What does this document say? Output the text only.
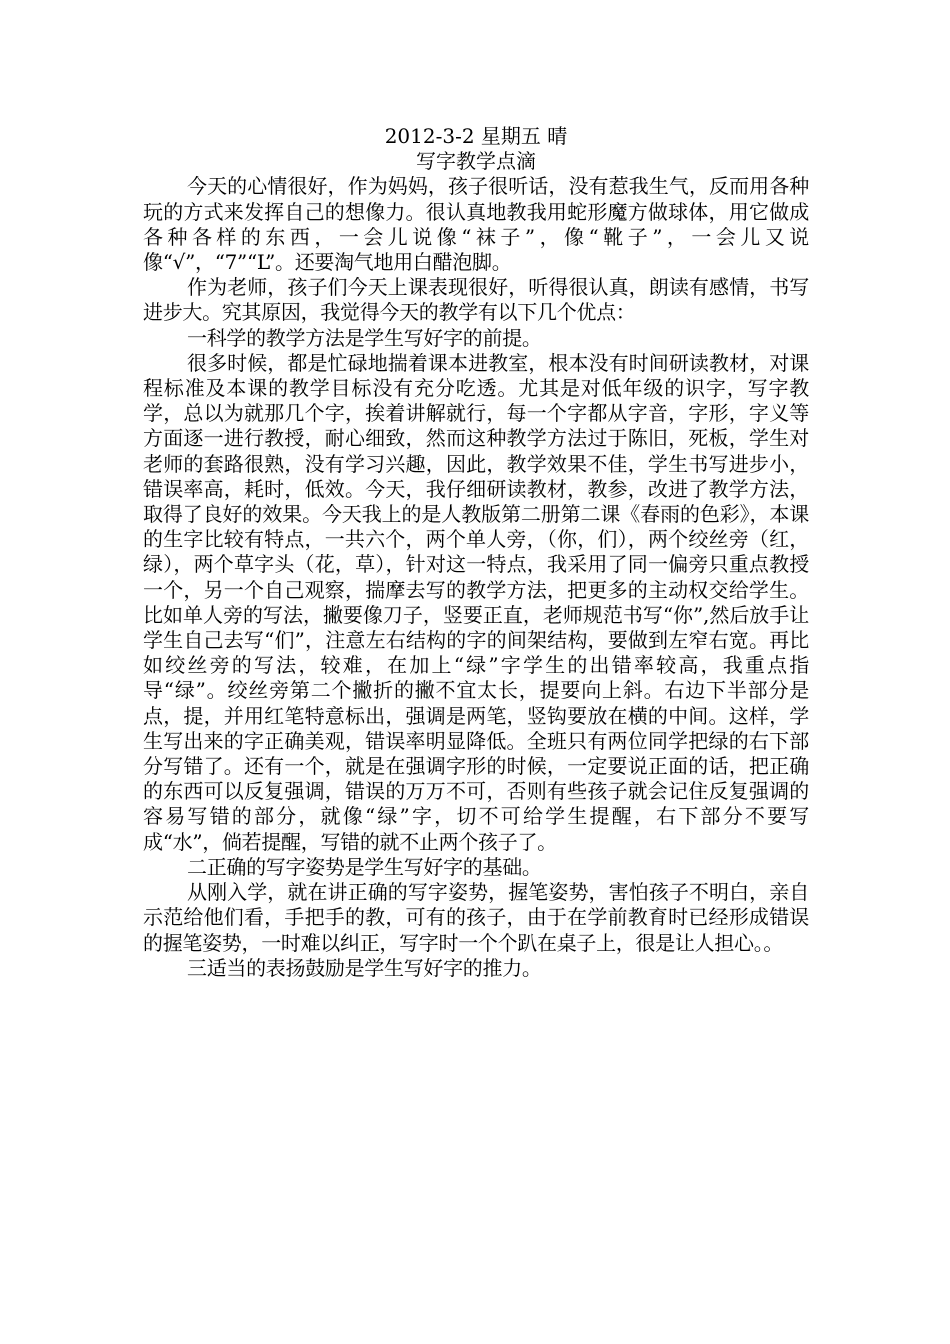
2012-3-2 星期五 晴
写字教学点滴

今天的心情很好，作为妈妈，孩子很听话，没有惹我生气，反而用各种玩的方式来发挥自己的想像力。很认真地教我用蛇形魔方做球体，用它做成各种各样的东西，一会儿说像“袜子”，像“靴子”，一会儿又说像“√”，“7”“L”。还要淘气地用白醋泡脚。

作为老师，孩子们今天上课表现很好，听得很认真，朗读有感情，书写进步大。究其原因，我觉得今天的教学有以下几个优点：

一科学的教学方法是学生写好字的前提。

很多时候，都是忙碌地揣着课本进教室，根本没有时间研读教材，对课程标准及本课的教学目标没有充分吃透。尤其是对低年级的识字，写字教学，总以为就那几个字，挨着讲解就行，每一个字都从字音，字形，字义等方面逐一进行教授，耐心细致，然而这种教学方法过于陈旧，死板，学生对老师的套路很熟，没有学习兴趣，因此，教学效果不佳，学生书写进步小，错误率高，耗时，低效。今天，我仔细研读教材，教参，改进了教学方法，取得了良好的效果。今天我上的是人教版第二册第二课《春雨的色彩》，本课的生字比较有特点，一共六个，两个单人旁，（你，们），两个绞丝旁（红，绿），两个草字头（花，草），针对这一特点，我采用了同一偏旁只重点教授一个，另一个自己观察，揣摩去写的教学方法，把更多的主动权交给学生。比如单人旁的写法，撇要像刀子，竖要正直，老师规范书写“你”,然后放手让学生自己去写“们”，注意左右结构的字的间架结构，要做到左窄右宽。再比如绞丝旁的写法，较难，在加上“绿”字学生的出错率较高，我重点指导“绿”。绞丝旁第二个撇折的撇不宜太长，提要向上斜。右边下半部分是点，提，并用红笔特意标出，强调是两笔，竖钩要放在横的中间。这样，学生写出来的字正确美观，错误率明显降低。全班只有两位同学把绿的右下部分写错了。还有一个，就是在强调字形的时候，一定要说正面的话，把正确的东西可以反复强调，错误的万万不可，否则有些孩子就会记住反复强调的容易写错的部分，就像“绿”字，切不可给学生提醒，右下部分不要写成“水”，倘若提醒，写错的就不止两个孩子了。

二正确的写字姿势是学生写好字的基础。

从刚入学，就在讲正确的写字姿势，握笔姿势，害怕孩子不明白，亲自示范给他们看，手把手的教，可有的孩子，由于在学前教育时已经形成错误的握笔姿势，一时难以纠正，写字时一个个趴在桌子上，很是让人担心。。

三适当的表扬鼓励是学生写好字的推力。
